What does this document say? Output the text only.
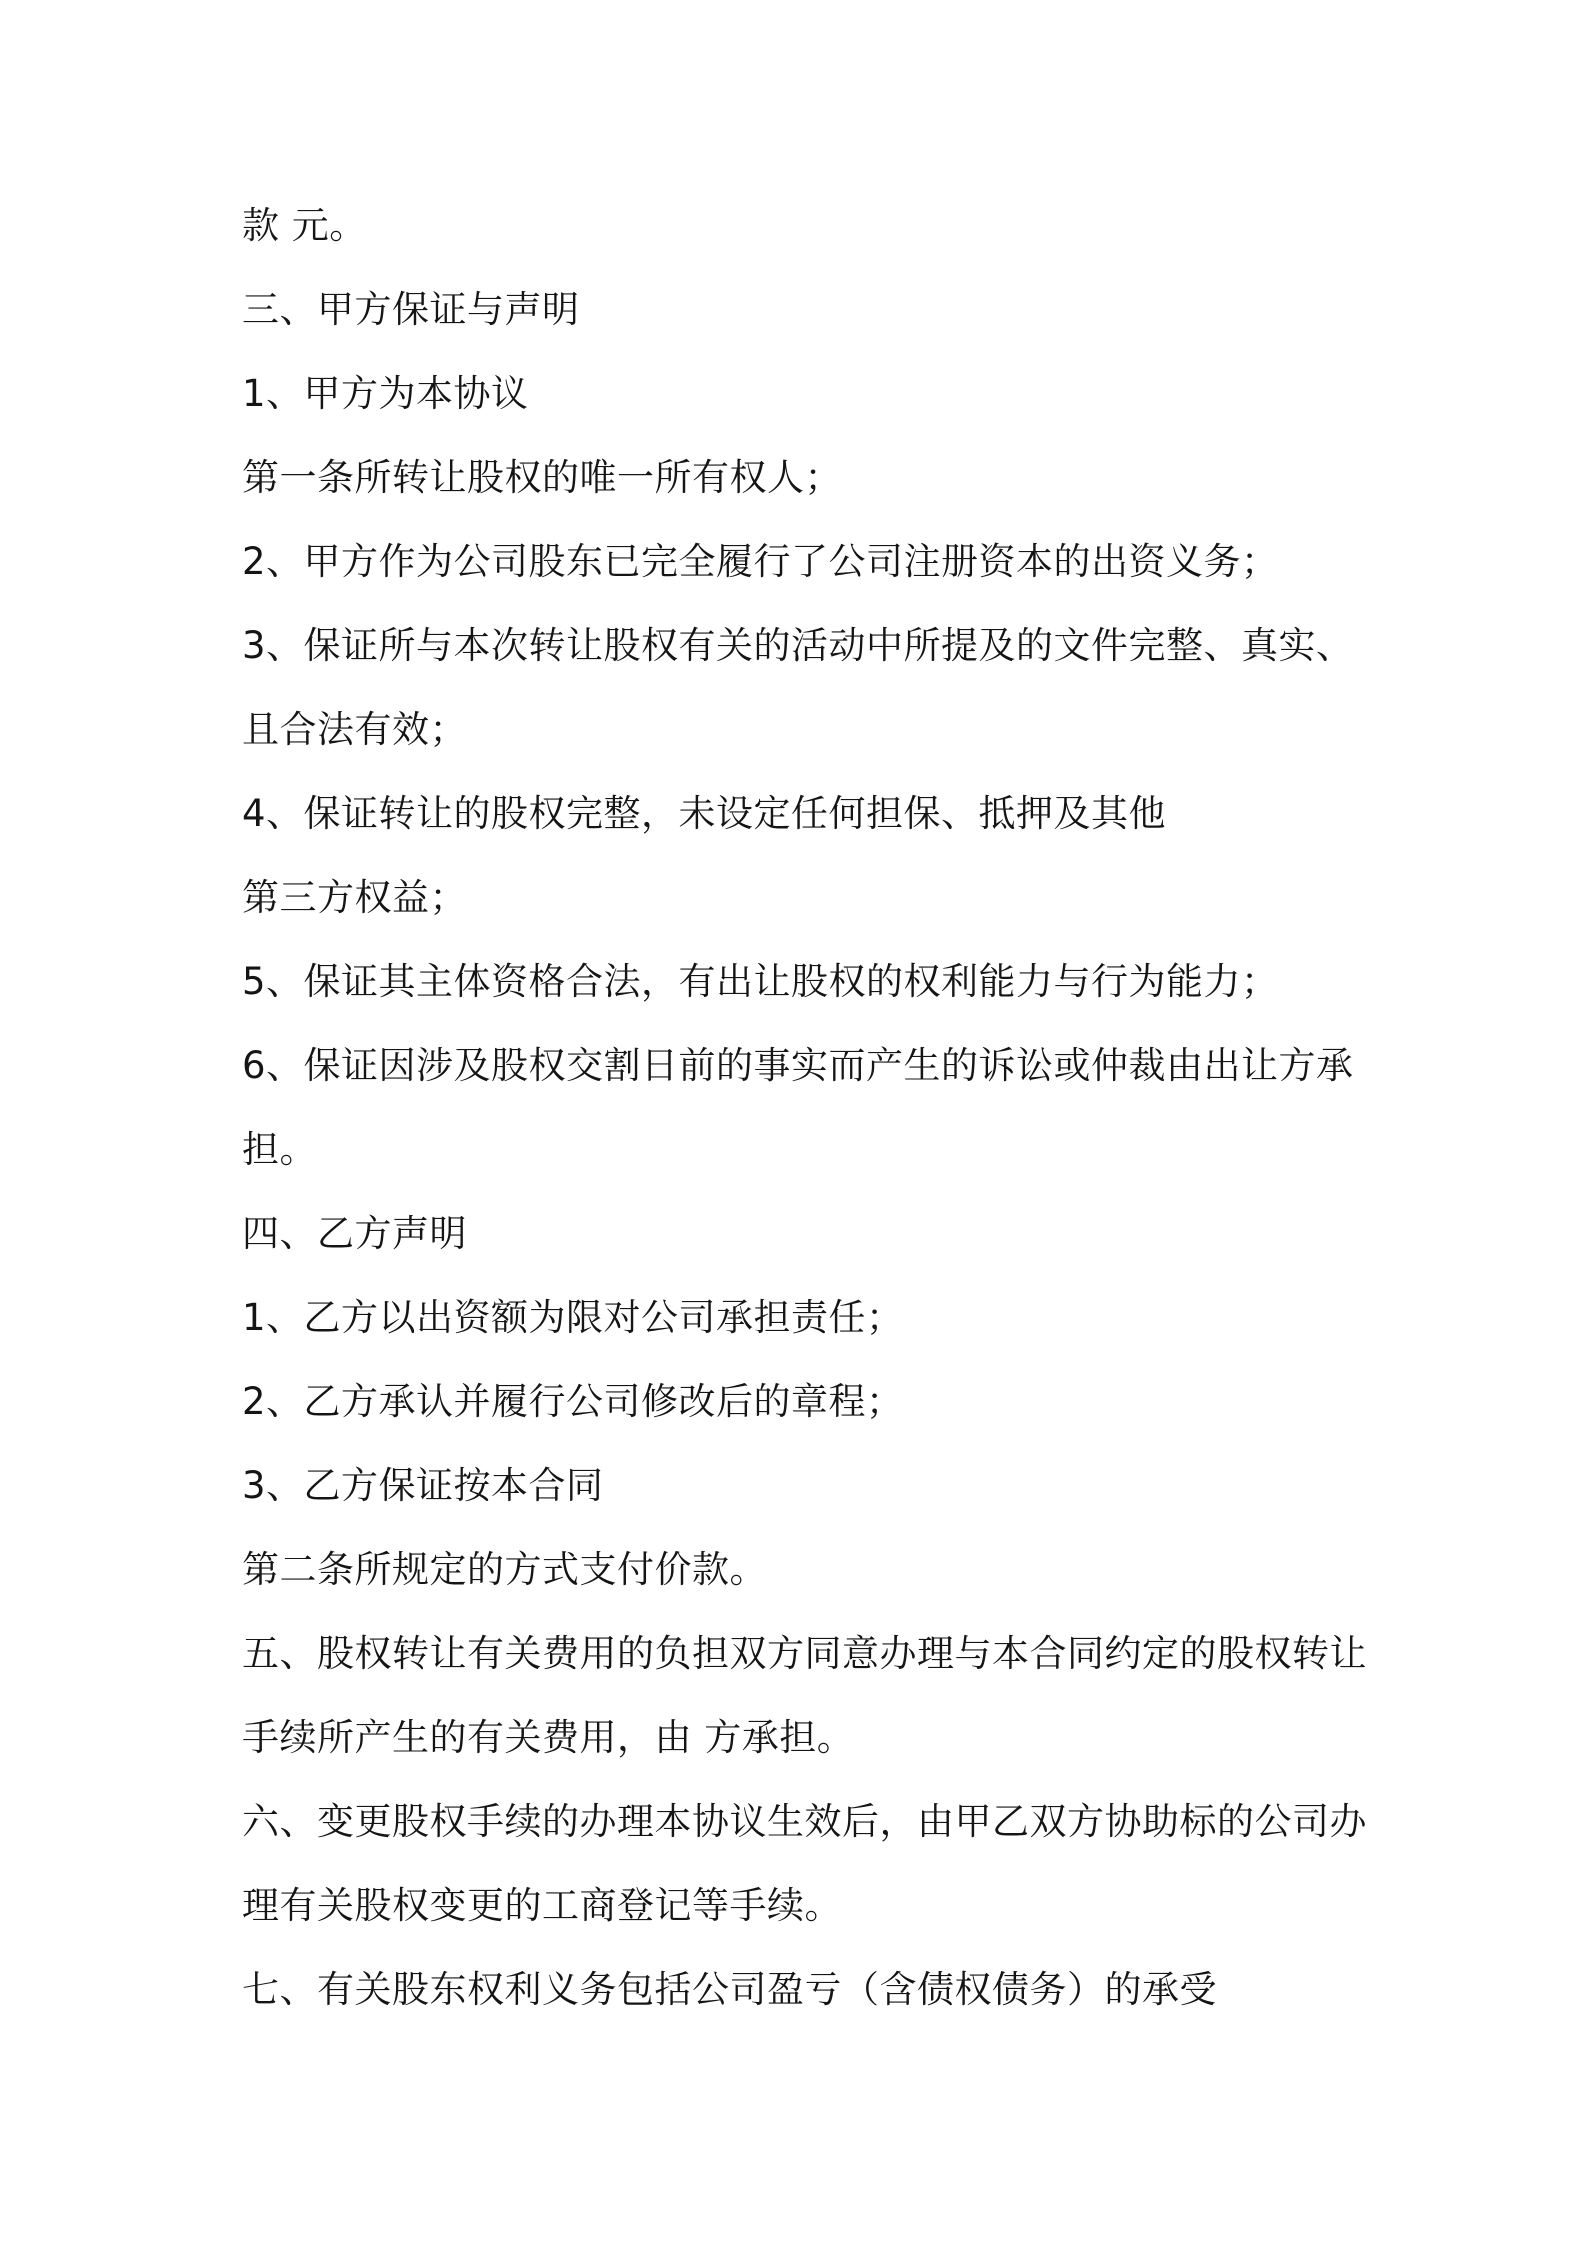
款 元。
三、甲方保证与声明
1、甲方为本协议
第一条所转让股权的唯一所有权人；
2、甲方作为公司股东已完全履行了公司注册资本的出资义务；
3、保证所与本次转让股权有关的活动中所提及的文件完整、真实、
且合法有效；
4、保证转让的股权完整，未设定任何担保、抵押及其他
第三方权益；
5、保证其主体资格合法，有出让股权的权利能力与行为能力；
6、保证因涉及股权交割日前的事实而产生的诉讼或仲裁由出让方承
担。
四、乙方声明
1、乙方以出资额为限对公司承担责任；
2、乙方承认并履行公司修改后的章程；
3、乙方保证按本合同
第二条所规定的方式支付价款。
五、股权转让有关费用的负担双方同意办理与本合同约定的股权转让
手续所产生的有关费用，由 方承担。
六、变更股权手续的办理本协议生效后，由甲乙双方协助标的公司办
理有关股权变更的工商登记等手续。
七、有关股东权利义务包括公司盈亏（含债权债务）的承受
